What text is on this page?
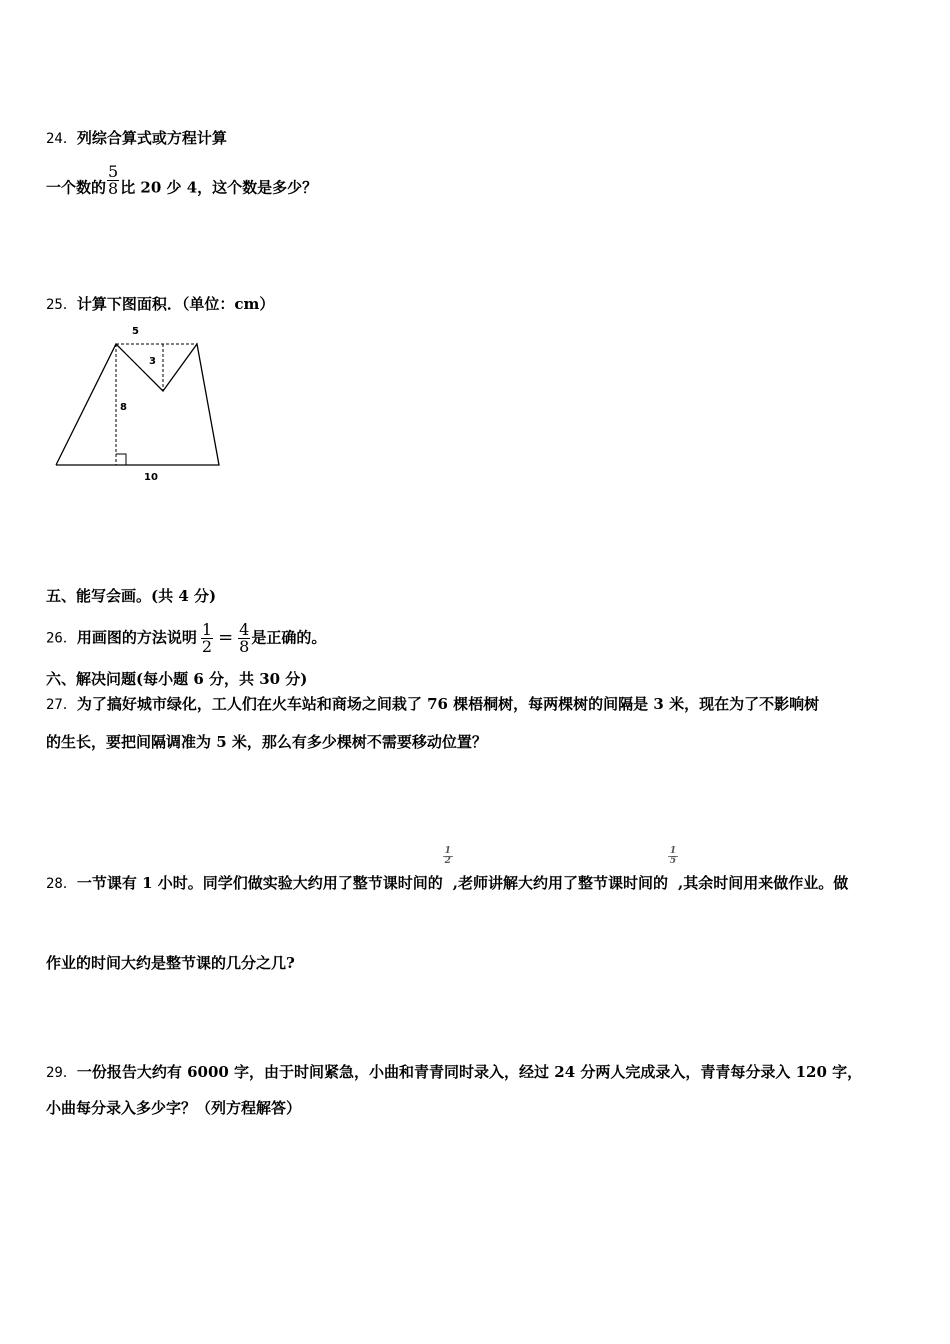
24．列综合算式或方程计算
一个数的 $\frac{5}{8}$ 比 20 少 4，这个数是多少？
25．计算下图面积．（单位：cm）
5
3
8
10
五、能写会画。(共 4 分)
26．用画图的方法说明 $\frac{1}{2} = \frac{4}{8}$ 是正确的。
六、解决问题(每小题 6 分，共 30 分)
27．为了搞好城市绿化，工人们在火车站和商场之间栽了 76 棵梧桐树，每两棵树的间隔是 3 米，现在为了不影响树
的生长，要把间隔调准为 5 米，那么有多少棵树不需要移动位置？
28．一节课有 1 小时。同学们做实验大约用了整节课时间的
$\frac{1}{2}$
,老师讲解大约用了整节课时间的
$\frac{1}{5}$
,其余时间用来做作业。做
作业的时间大约是整节课的几分之几?
29．一份报告大约有 6000 字，由于时间紧急，小曲和青青同时录入，经过 24 分两人完成录入，青青每分录入 120 字，
小曲每分录入多少字？（列方程解答）
